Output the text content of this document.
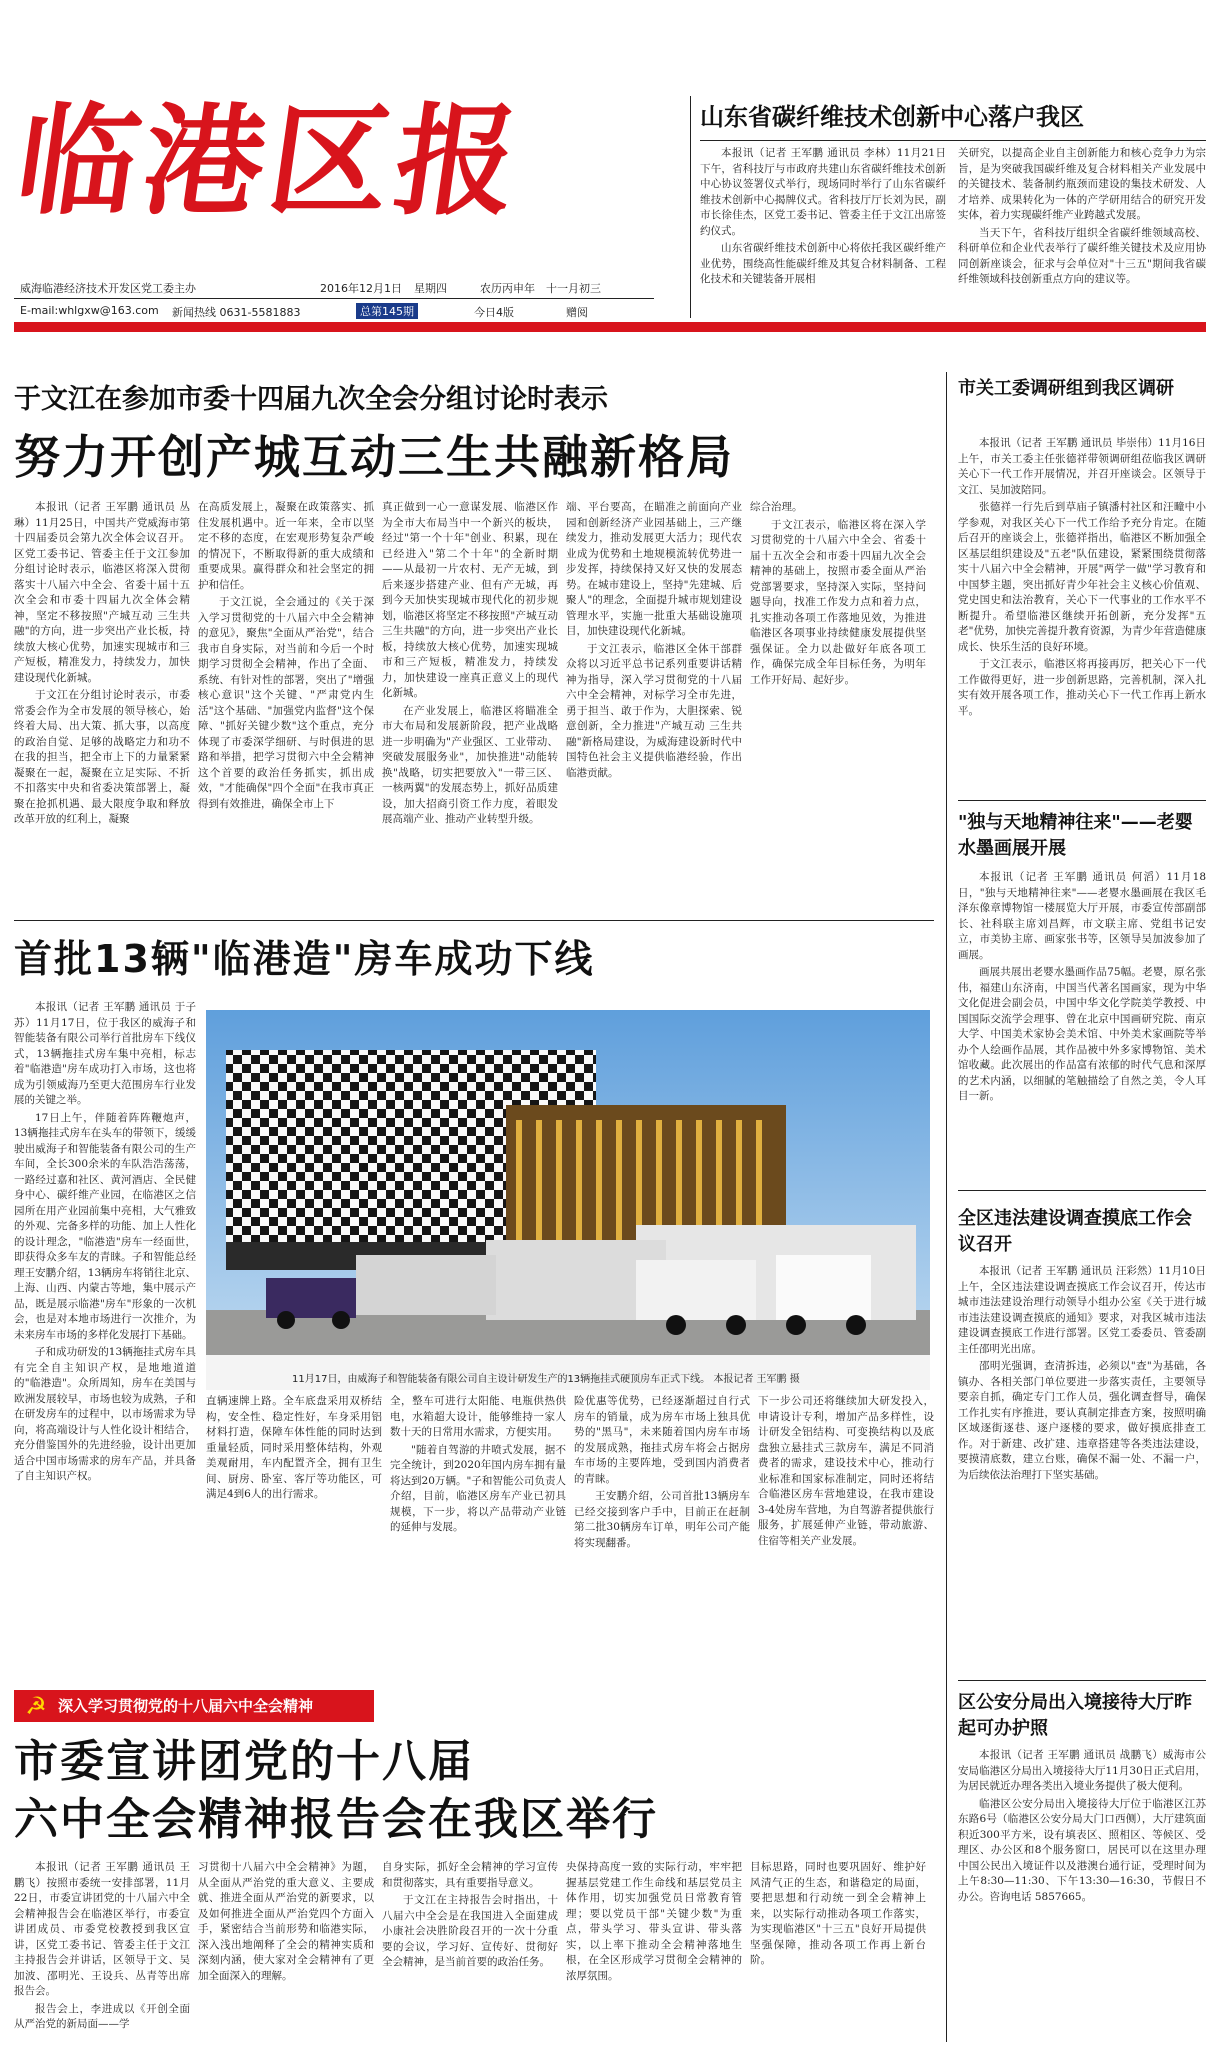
临港区报
威海临港经济技术开发区党工委主办	2016年12月1日 星期四	农历丙申年　十一月初三
E-mail:whlgxw@163.com 新闻热线 0631-5581883	总第145期	今日4版	赠阅
山东省碳纤维技术创新中心落户我区

本报讯（记者 王军鹏 通讯员 李林）11月21日下午，省科技厅与市政府共建山东省碳纤维技术创新中心协议签署仪式举行，现场同时举行了山东省碳纤维技术创新中心揭牌仪式。省科技厅厅长刘为民，副市长徐佳杰，区党工委书记、管委主任于文江出席签约仪式。

山东省碳纤维技术创新中心将依托我区碳纤维产业优势，围绕高性能碳纤维及其复合材料制备、工程化技术和关键装备开展相

关研究，以提高企业自主创新能力和核心竞争力为宗旨，是为突破我国碳纤维及复合材料相关产业发展中的关键技术、装备制约瓶颈而建设的集技术研发、人才培养、成果转化为一体的产学研用结合的研究开发实体，着力实现碳纤维产业跨越式发展。

当天下午，省科技厅组织全省碳纤维领域高校、科研单位和企业代表举行了碳纤维关键技术及应用协同创新座谈会，征求与会单位对"十三五"期间我省碳纤维领域科技创新重点方向的建议等。

于文江在参加市委十四届九次全会分组讨论时表示
努力开创产城互动三生共融新格局

本报讯（记者 王军鹏 通讯员 丛琳）11月25日，中国共产党威海市第十四届委员会第九次全体会议召开。区党工委书记、管委主任于文江参加分组讨论时表示，临港区将深入贯彻落实十八届六中全会、省委十届十五次全会和市委十四届九次全体会精神，坚定不移按照"产城互动 三生共融"的方向，进一步突出产业长板，持续放大核心优势，加速实现城市和三产短板，精准发力，持续发力，加快建设现代化新城。

于文江在分组讨论时表示，市委常委会作为全市发展的领导核心，始终着大局、出大策、抓大事，以高度的政治自觉、足够的战略定力和功不在我的担当，把全市上下的力量紧紧凝聚在一起，凝聚在立足实际、不折不扣落实中央和省委决策部署上，凝聚在抢抓机遇、最大限度争取和释放改革开放的红利上，凝聚

在高质发展上，凝聚在政策落实、抓住发展机遇中。近一年来，全市以坚定不移的态度，在宏观形势复杂严峻的情况下，不断取得新的重大成绩和重要成果。赢得群众和社会坚定的拥护和信任。

于文江说，全会通过的《关于深入学习贯彻党的十八届六中全会精神的意见》，聚焦"全面从严治党"，结合我市自身实际，对当前和今后一个时期学习贯彻全会精神，作出了全面、系统、有针对性的部署，突出了"增强核心意识"这个关键、"严肃党内生活"这个基础、"加强党内监督"这个保障、"抓好关键少数"这个重点，充分体现了市委深学细研、与时俱进的思路和举措，把学习贯彻六中全会精神这个首要的政治任务抓实，抓出成效，"才能确保"四个全面"在我市真正得到有效推进，确保全市上下

真正做到一心一意谋发展、临港区作为全市大布局当中一个新兴的板块，经过"第一个十年"创业、积累，现在已经进入"第二个十年"的全新时期——从最初一片农村、无产无城，到后来逐步搭建产业、但有产无城，再到今天加快实现城市现代化的初步规划，临港区将坚定不移按照"产城互动 三生共融"的方向，进一步突出产业长板，持续放大核心优势，加速实现城市和三产短板，精准发力，持续发力，加快建设一座真正意义上的现代化新城。

在产业发展上，临港区将瞄准全市大布局和发展新阶段，把产业战略进一步明确为"产业强区、工业带动、突破发展服务业"，加快推进"动能转换"战略，切实把要放入"一带三区、一核两翼"的发展态势上，抓好品质建设，加大招商引资工作力度，着眼发展高端产业、推动产业转型升级。

端、平台要高，在瞄准之前面向产业园和创新经济产业园基础上，三产继续发力，推动发展更大活力；现代农业成为优势和土地规模流转优势进一步发挥，持续保持又好又快的发展态势。在城市建设上，坚持"先建城、后聚人"的理念，全面提升城市规划建设管理水平，实施一批重大基础设施项目，加快建设现代化新城。

于文江表示，临港区全体干部群众将以习近平总书记系列重要讲话精神为指导，深入学习贯彻党的十八届六中全会精神，对标学习全市先进，勇于担当、敢于作为，大胆探索、锐意创新，全力推进"产城互动 三生共融"新格局建设，为威海建设新时代中国特色社会主义提供临港经验，作出临港贡献。

综合治理。

于文江表示，临港区将在深入学习贯彻党的十八届六中全会、省委十届十五次全会和市委十四届九次全会精神的基础上，按照市委全面从严治党部署要求，坚持深入实际，坚持问题导向，找准工作发力点和着力点，扎实推动各项工作落地见效，为推进临港区各项事业持续健康发展提供坚强保证。全力以赴做好年底各项工作，确保完成全年目标任务，为明年工作开好局、起好步。

首批13辆"临港造"房车成功下线

本报讯（记者 王军鹏 通讯员 于子苏）11月17日，位于我区的威海子和智能装备有限公司举行首批房车下线仪式，13辆拖挂式房车集中亮相，标志着"临港造"房车成功打入市场，这也将成为引领威海乃至更大范围房车行业发展的关键之举。

17日上午，伴随着阵阵鞭炮声，13辆拖挂式房车在头车的带领下，缓缓驶出威海子和智能装备有限公司的生产车间，全长300余米的车队浩浩荡荡，一路经过嘉和社区、黄河酒店、全民健身中心、碳纤维产业园，在临港区之信园所在用产业园前集中亮相，大气雅致的外观、完备多样的功能、加上人性化的设计理念，"临港造"房车一经面世，即获得众多车友的青睐。子和智能总经理王安鹏介绍，13辆房车将销往北京、上海、山西、内蒙古等地，集中展示产品，既是展示临港"房车"形象的一次机会，也是对本地市场进行一次推介，为未来房车市场的多样化发展打下基础。

子和成功研发的13辆拖挂式房车具有完全自主知识产权，是地地道道的"临港造"。众所周知，房车在美国与欧洲发展较早，市场也较为成熟，子和在研发房车的过程中，以市场需求为导向，将高端设计与人性化设计相结合，充分借鉴国外的先进经验，设计出更加适合中国市场需求的房车产品，并具备了自主知识产权。

11月17日，由威海子和智能装备有限公司自主设计研发生产的13辆拖挂式硬顶房车正式下线。 本报记者 王军鹏 摄

直辆速牌上路。全车底盘采用双桥结构，安全性、稳定性好，车身采用铝材料打造，保障车体性能的同时达到重量轻质，同时采用整体结构，外观美观耐用，车内配置齐全，拥有卫生间、厨房、卧室、客厅等功能区，可满足4到6人的出行需求。

全，整车可进行太阳能、电瓶供热供电，水箱超大设计，能够维持一家人数十天的日常用水需求，方便实用。

"随着自驾游的井喷式发展，据不完全统计，到2020年国内房车拥有量将达到20万辆。"子和智能公司负责人介绍，目前，临港区房车产业已初具规模，下一步，将以产品带动产业链的延伸与发展。

险优惠等优势，已经逐渐超过自行式房车的销量，成为房车市场上独具优势的"黑马"，未来随着国内房车市场的发展成熟，拖挂式房车将会占据房车市场的主要阵地，受到国内消费者的青睐。

王安鹏介绍，公司首批13辆房车已经交接到客户手中，目前正在赶制第二批30辆房车订单，明年公司产能将实现翻番。

下一步公司还将继续加大研发投入，申请设计专利，增加产品多样性，设计研发全铝结构、可变换结构以及底盘独立悬挂式三款房车，满足不同消费者的需求，建设技术中心，推动行业标准和国家标准制定，同时还将结合临港区房车营地建设，在我市建设3-4处房车营地，为自驾游者提供旅行服务，扩展延伸产业链，带动旅游、住宿等相关产业发展。

☭ 深入学习贯彻党的十八届六中全会精神
市委宣讲团党的十八届
六中全会精神报告会在我区举行

本报讯（记者 王军鹏 通讯员 王鹏飞）按照市委统一安排部署，11月22日，市委宣讲团党的十八届六中全会精神报告会在临港区举行，市委宣讲团成员、市委党校教授到我区宣讲，区党工委书记、管委主任于文江主持报告会并讲话，区领导于文、吴加波、邵明光、王设兵、丛青等出席报告会。

报告会上，李进成以《开创全面从严治党的新局面——学

习贯彻十八届六中全会精神》为题，从全面从严治党的重大意义、主要成就、推进全面从严治党的新要求，以及如何推进全面从严治党四个方面入手，紧密结合当前形势和临港实际，深入浅出地阐释了全会的精神实质和深刻内涵，使大家对全会精神有了更加全面深入的理解。

自身实际，抓好全会精神的学习宣传和贯彻落实，具有重要指导意义。

于文江在主持报告会时指出，十八届六中全会是在我国进入全面建成小康社会决胜阶段召开的一次十分重要的会议，学习好、宣传好、贯彻好全会精神，是当前首要的政治任务。

央保持高度一致的实际行动，牢牢把握基层党建工作生命线和基层党员主体作用，切实加强党员日常教育管理；要以党员干部"关键少数"为重点，带头学习、带头宣讲、带头落实，以上率下推动全会精神落地生根，在全区形成学习贯彻全会精神的浓厚氛围。

目标思路，同时也要巩固好、维护好风清气正的生态，和谐稳定的局面，要把思想和行动统一到全会精神上来，以实际行动推动各项工作落实，为实现临港区"十三五"良好开局提供坚强保障，推动各项工作再上新台阶。

市关工委调研组到我区调研

本报讯（记者 王军鹏 通讯员 毕崇伟）11月16日上午，市关工委主任张德祥带领调研组莅临我区调研关心下一代工作开展情况，并召开座谈会。区领导于文江、吴加波陪同。

张德祥一行先后到草庙子镇潘村社区和汪疃中小学参观，对我区关心下一代工作给予充分肯定。在随后召开的座谈会上，张德祥指出，临港区不断加强全区基层组织建设及"五老"队伍建设，紧紧围绕贯彻落实十八届六中全会精神，开展"两学一做"学习教育和中国梦主题，突出抓好青少年社会主义核心价值观、党史国史和法治教育，关心下一代事业的工作水平不断提升。希望临港区继续开拓创新，充分发挥"五老"优势，加快完善提升教育资源，为青少年营造健康成长、快乐生活的良好环境。

于文江表示，临港区将再接再厉，把关心下一代工作做得更好，进一步创新思路，完善机制，深入扎实有效开展各项工作，推动关心下一代工作再上新水平。

"独与天地精神往来"——老婴水墨画展开展

本报讯（记者 王军鹏 通讯员 何滔）11月18日，"独与天地精神往来"——老婴水墨画展在我区毛泽东像章博物馆一楼展览大厅开展，市委宣传部副部长、社科联主席刘昌辉，市文联主席、党组书记安立，市美协主席、画家张书等，区领导吴加波参加了画展。

画展共展出老婴水墨画作品75幅。老婴，原名张伟，福建山东济南，中国当代著名国画家，现为中华文化促进会副会员，中国中华文化学院美学教授、中国国际交流学会理事、曾在北京中国画研究院、南京大学、中国美术家协会美术馆、中外美术家画院等举办个人绘画作品展，其作品被中外多家博物馆、美术馆收藏。此次展出的作品富有浓郁的时代气息和深厚的艺术内涵，以细腻的笔触描绘了自然之美，令人耳目一新。

全区违法建设调查摸底工作会议召开

本报讯（记者 王军鹏 通讯员 汪彩然）11月10日上午，全区违法建设调查摸底工作会议召开，传达市城市违法建设治理行动领导小组办公室《关于进行城市违法建设调查摸底的通知》要求，对我区城市违法建设调查摸底工作进行部署。区党工委委员、管委副主任邵明光出席。

邵明光强调，查清拆违，必须以"查"为基础，各镇办、各相关部门单位要进一步落实责任，主要领导要亲自抓，确定专门工作人员，强化调查督导，确保工作扎实有序推进，要认真制定排查方案，按照明确区域逐街逐巷、逐户逐楼的要求，做好摸底排查工作。对于新建、改扩建、违章搭建等各类违法建设，要摸清底数，建立台账，确保不漏一处、不漏一户，为后续依法治理打下坚实基础。

区公安分局出入境接待大厅昨起可办护照

本报讯（记者 王军鹏 通讯员 战鹏飞）威海市公安局临港区分局出入境接待大厅11月30日正式启用，为居民就近办理各类出入境业务提供了极大便利。

临港区公安分局出入境接待大厅位于临港区江苏东路6号（临港区公安分局大门口西侧），大厅建筑面积近300平方米，设有填表区、照相区、等候区、受理区、办公区和8个服务窗口，居民可以在这里办理中国公民出入境证件以及港澳台通行证，受理时间为上午8:30—11:30、下午13:30—16:30，节假日不办公。咨询电话 5857665。
